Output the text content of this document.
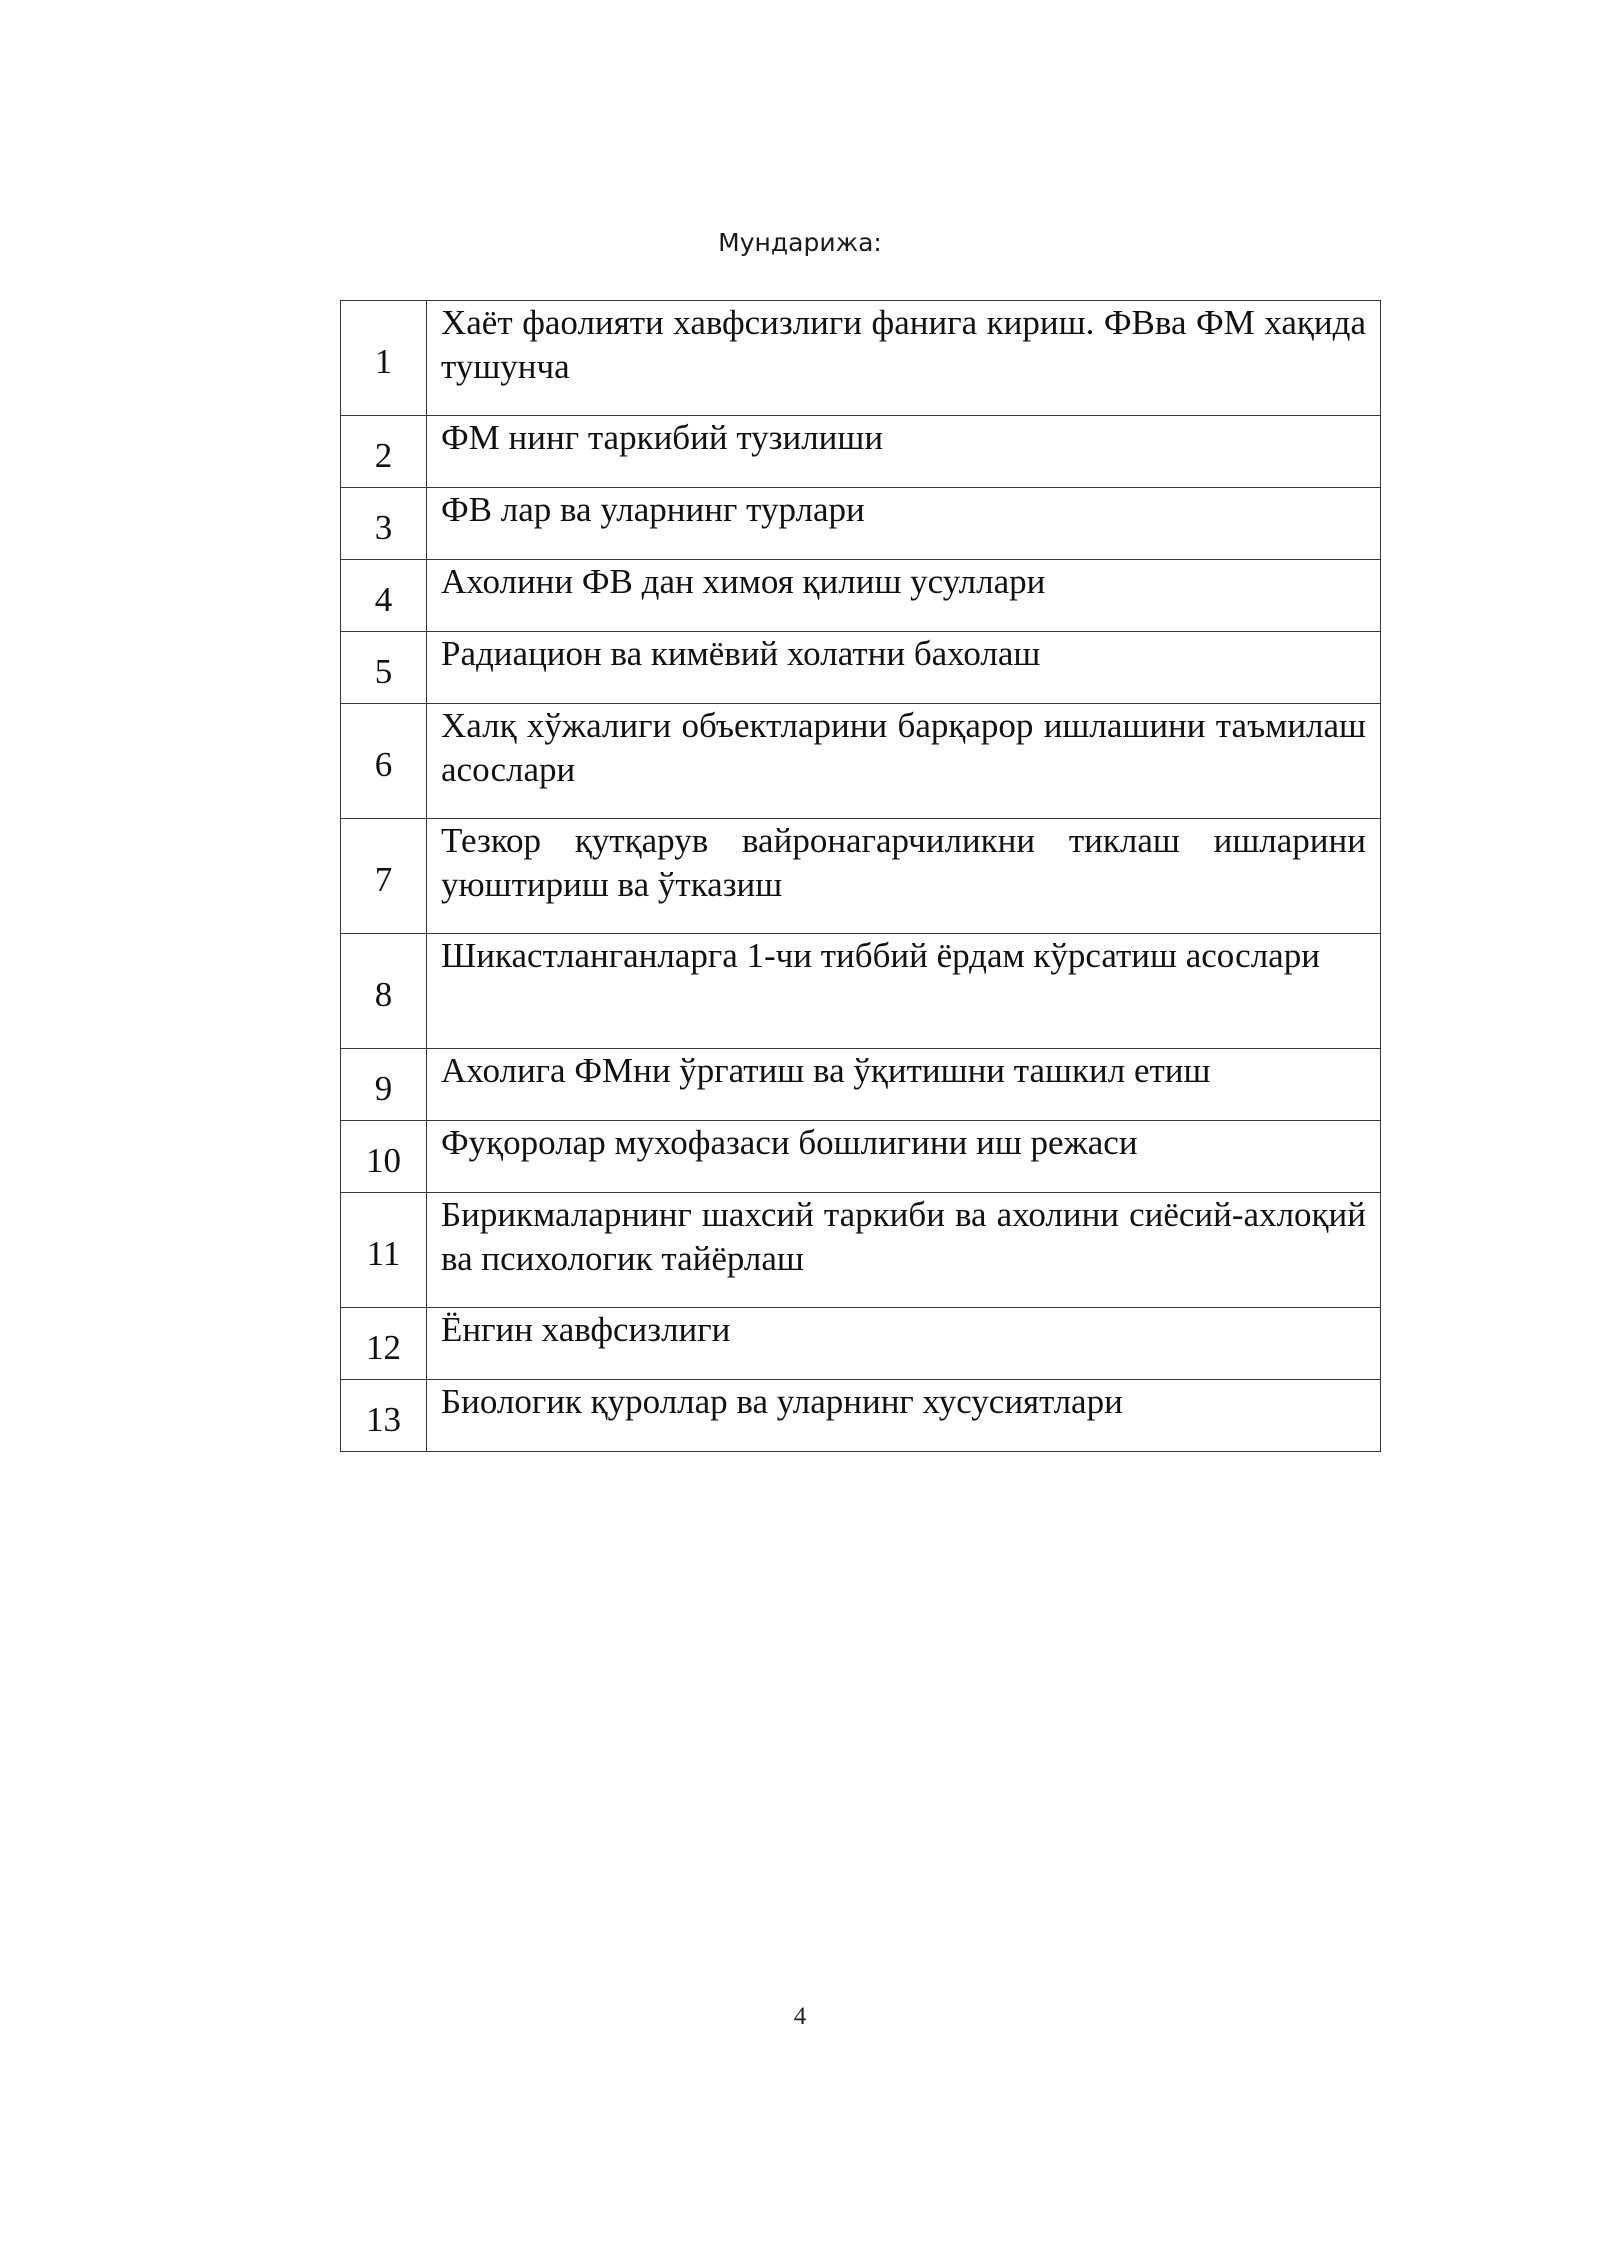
Мундарижа:
1	Хаёт фаолияти хавфсизлиги фанига кириш. ФВва ФМ хақида тушунча

2	ФМ нинг таркибий тузилиши

3	ФВ лар ва уларнинг турлари

4	Ахолини ФВ дан химоя қилиш усуллари

5	Радиацион ва кимёвий холатни бахолаш

6	Халқ хўжалиги объектларини барқарор ишлашини таъмилаш асослари

7	Тезкор қутқарув вайронагарчиликни тиклаш ишларини уюштириш ва ўтказиш

8	Шикастланганларга 1-чи тиббий ёрдам кўрсатиш асослари

9	Ахолига ФМни ўргатиш ва ўқитишни ташкил етиш

10	Фуқоролар мухофазаси бошлигини иш режаси

11	Бирикмаларнинг шахсий таркиби ва ахолини сиёсий-ахлоқий ва психологик тайёрлаш

12	Ёнгин хавфсизлиги

13	Биологик қуроллар ва уларнинг хусусиятлари
4
